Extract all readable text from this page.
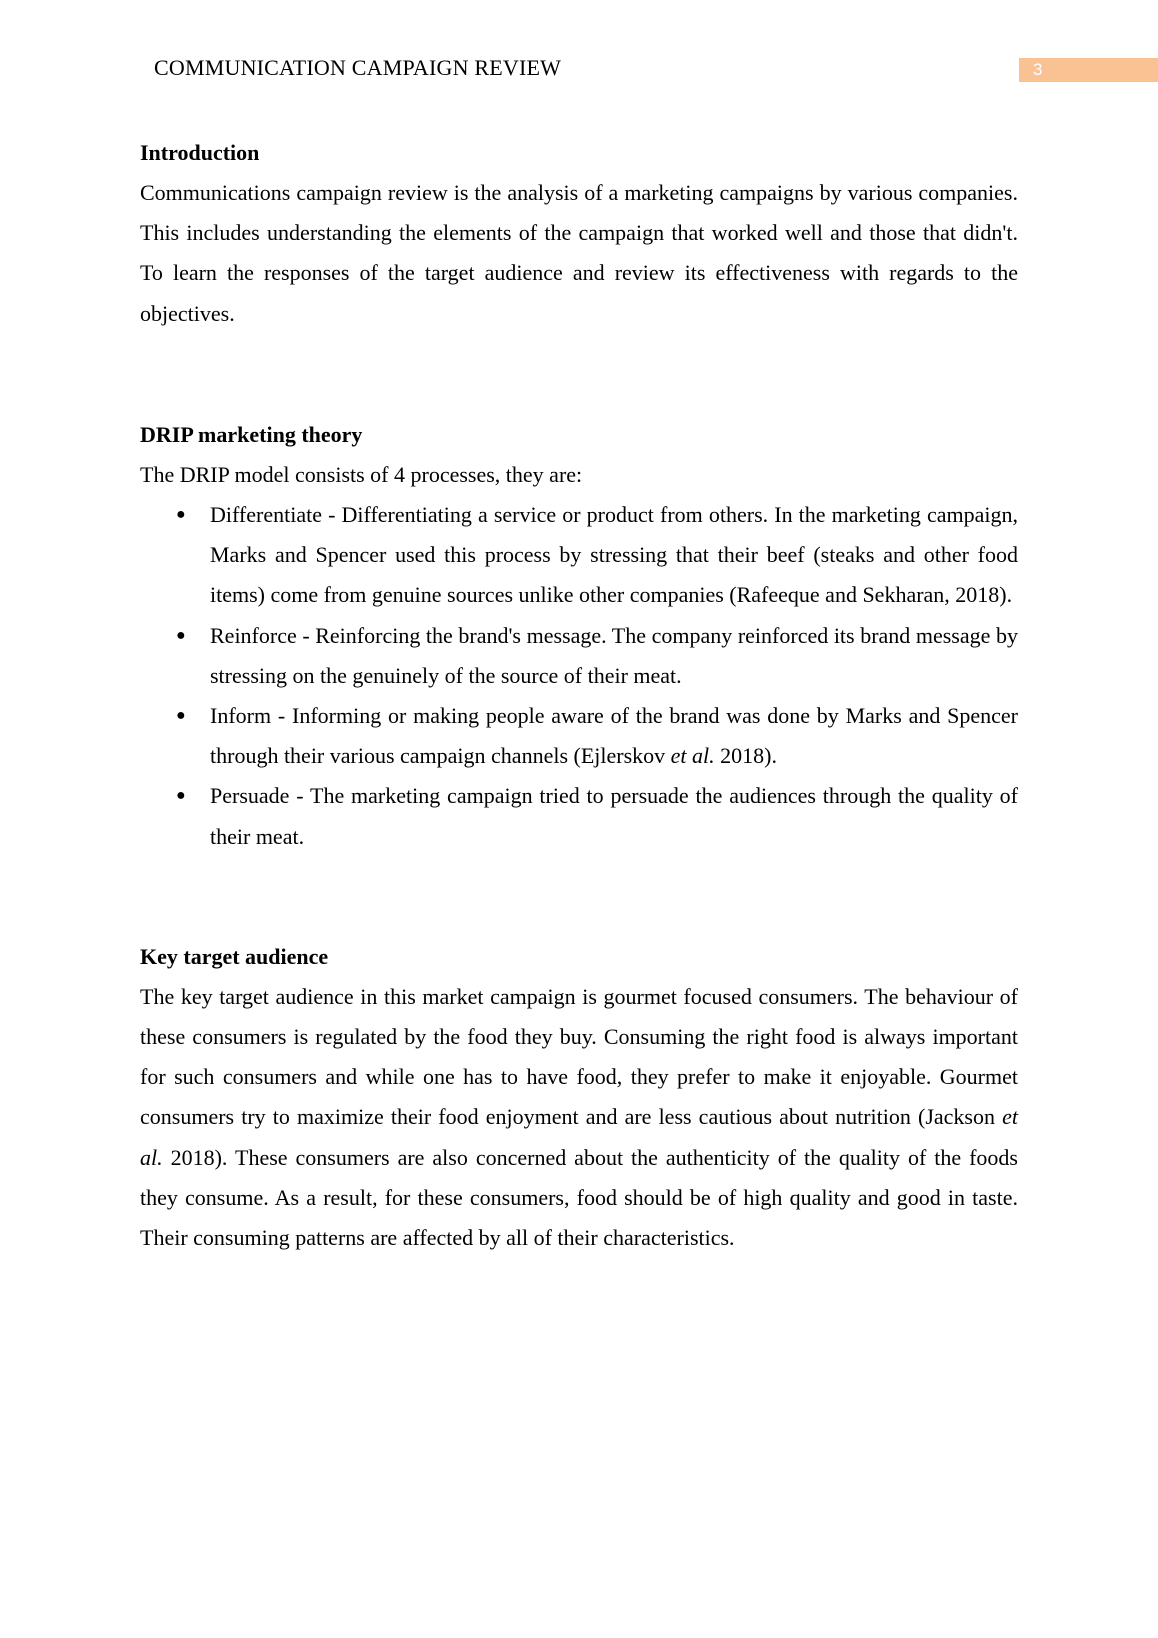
COMMUNICATION CAMPAIGN REVIEW	3
Introduction

Communications campaign review is the analysis of a marketing campaigns by various companies. This includes understanding the elements of the campaign that worked well and those that didn't. To learn the responses of the target audience and review its effectiveness with regards to the objectives.

DRIP marketing theory

The DRIP model consists of 4 processes, they are:

● Differentiate - Differentiating a service or product from others. In the marketing campaign, Marks and Spencer used this process by stressing that their beef (steaks and other food items) come from genuine sources unlike other companies (Rafeeque and Sekharan, 2018).
● Reinforce - Reinforcing the brand's message. The company reinforced its brand message by stressing on the genuinely of the source of their meat.
● Inform - Informing or making people aware of the brand was done by Marks and Spencer through their various campaign channels (Ejlerskov et al. 2018).
● Persuade - The marketing campaign tried to persuade the audiences through the quality of their meat.
Key target audience

The key target audience in this market campaign is gourmet focused consumers. The behaviour of these consumers is regulated by the food they buy. Consuming the right food is always important for such consumers and while one has to have food, they prefer to make it enjoyable. Gourmet consumers try to maximize their food enjoyment and are less cautious about nutrition (Jackson et al. 2018). These consumers are also concerned about the authenticity of the quality of the foods they consume. As a result, for these consumers, food should be of high quality and good in taste. Their consuming patterns are affected by all of their characteristics.
